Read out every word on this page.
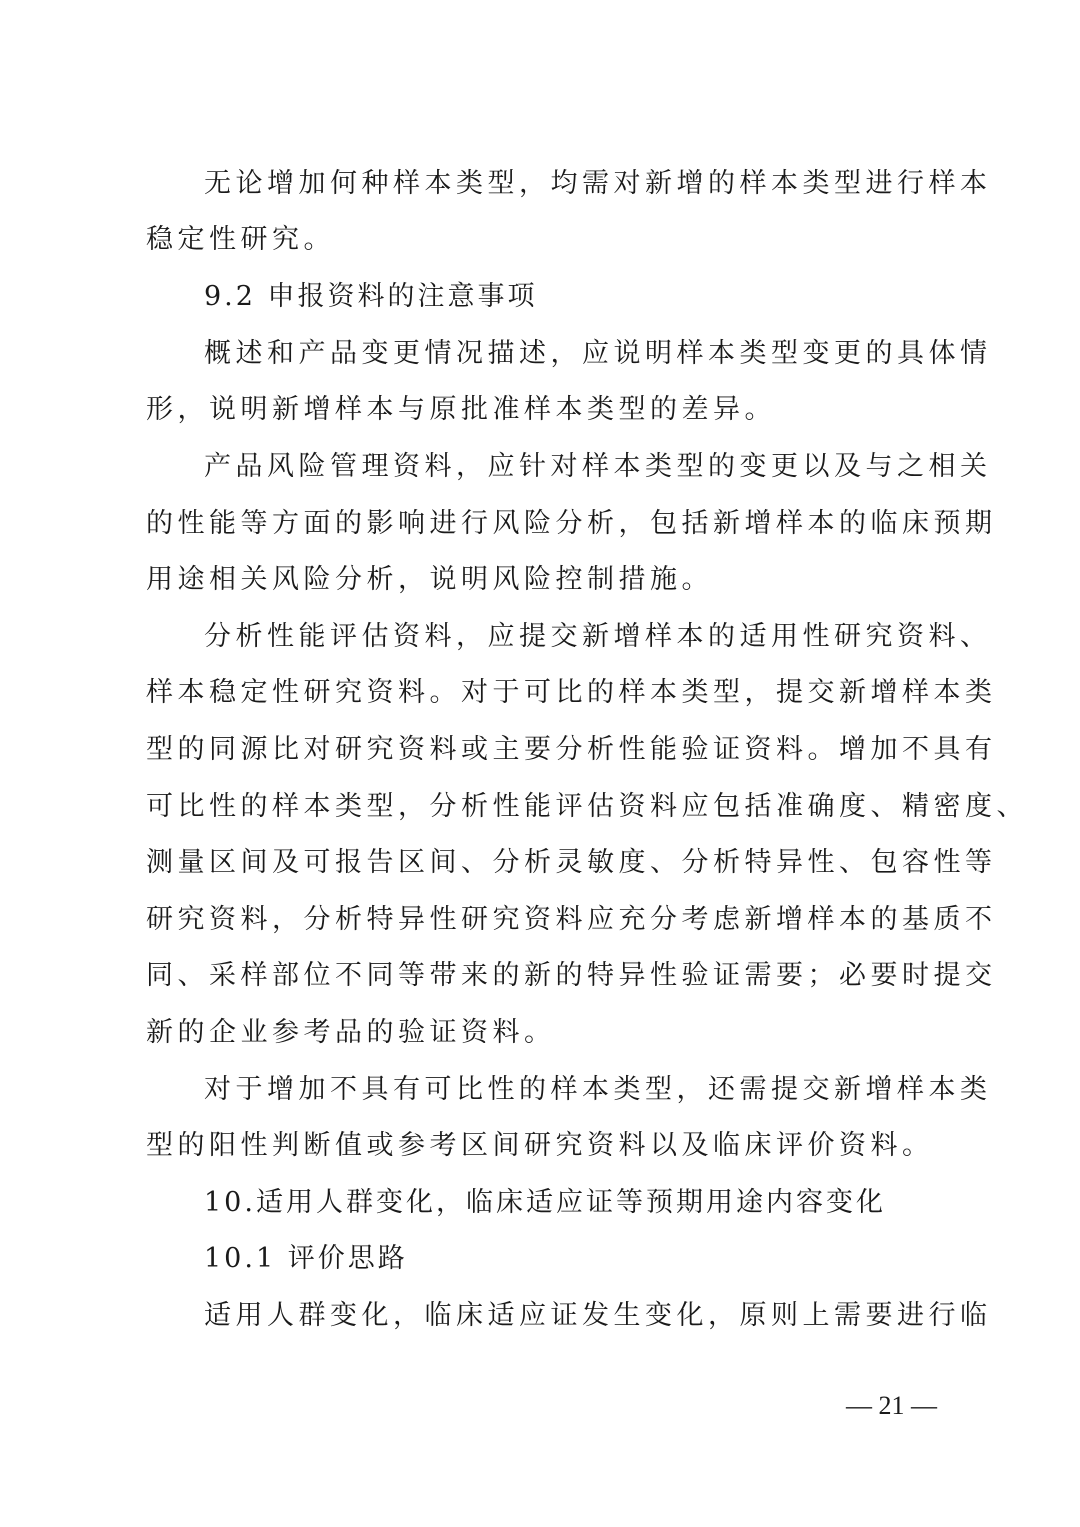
无论增加何种样本类型，均需对新增的样本类型进行样本
稳定性研究。
9.2 申报资料的注意事项
概述和产品变更情况描述，应说明样本类型变更的具体情
形，说明新增样本与原批准样本类型的差异。
产品风险管理资料，应针对样本类型的变更以及与之相关
的性能等方面的影响进行风险分析，包括新增样本的临床预期
用途相关风险分析，说明风险控制措施。
分析性能评估资料，应提交新增样本的适用性研究资料、
样本稳定性研究资料。对于可比的样本类型，提交新增样本类
型的同源比对研究资料或主要分析性能验证资料。增加不具有
可比性的样本类型，分析性能评估资料应包括准确度、精密度、
测量区间及可报告区间、分析灵敏度、分析特异性、包容性等
研究资料，分析特异性研究资料应充分考虑新增样本的基质不
同、采样部位不同等带来的新的特异性验证需要；必要时提交
新的企业参考品的验证资料。
对于增加不具有可比性的样本类型，还需提交新增样本类
型的阳性判断值或参考区间研究资料以及临床评价资料。
10.适用人群变化，临床适应证等预期用途内容变化
10.1 评价思路
适用人群变化，临床适应证发生变化，原则上需要进行临
— 21 —
